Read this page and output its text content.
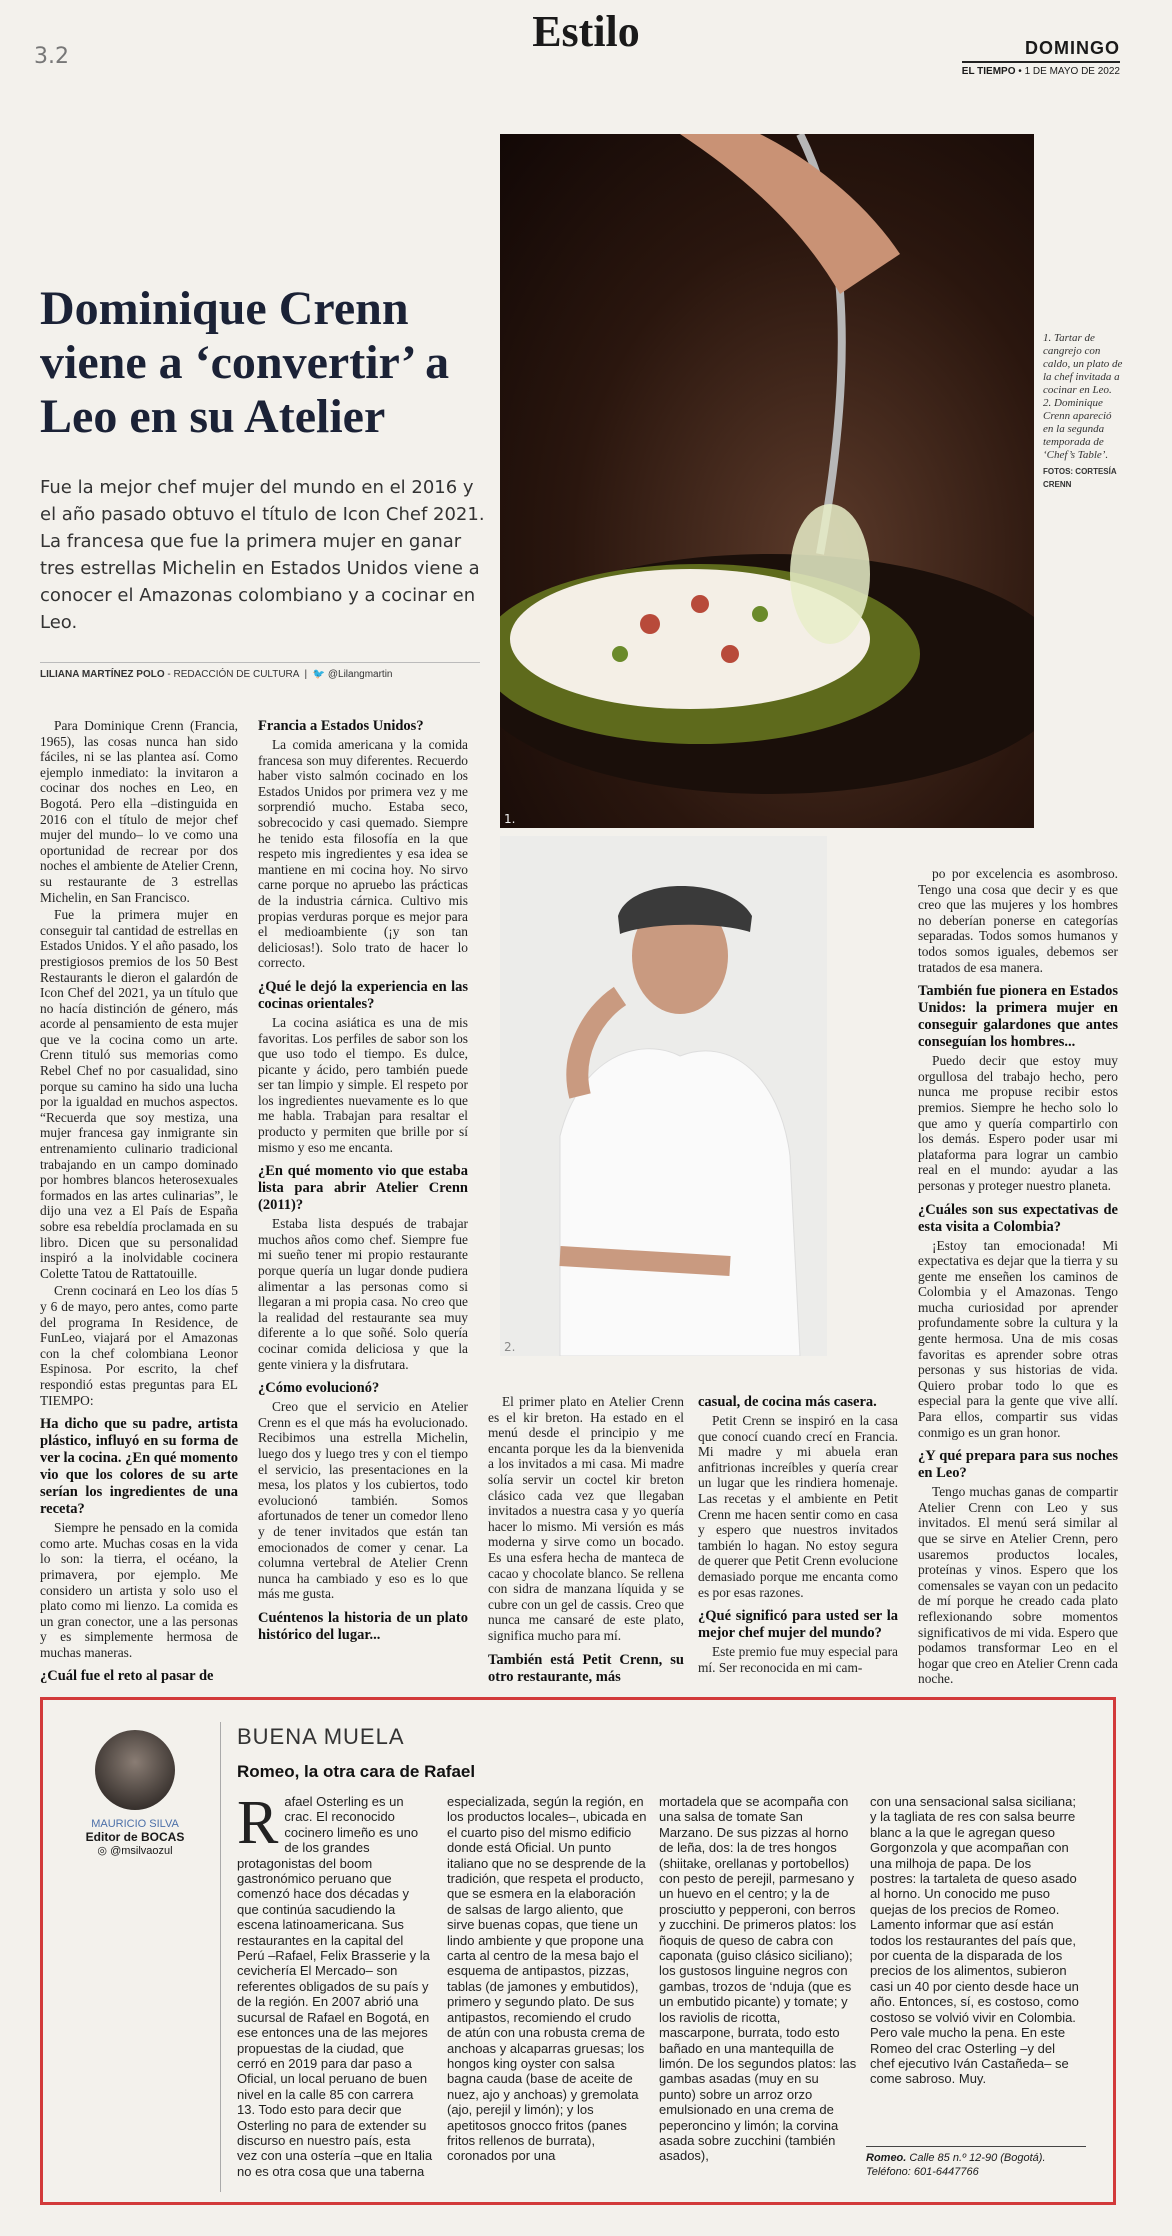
3.2
Estilo	DOMINGO
EL TIEMPO • 1 DE MAYO DE 2022
Dominique Crenn viene a ‘convertir’ a Leo en su Atelier
Fue la mejor chef mujer del mundo en el 2016 y el año pasado obtuvo el título de Icon Chef 2021. La francesa que fue la primera mujer en ganar tres estrellas Michelin en Estados Unidos viene a conocer el Amazonas colombiano y a cocinar en Leo.
LILIANA MARTÍNEZ POLO - REDACCIÓN DE CULTURA  |  🐦 @Lilangmartin
1.
2.
1. Tartar de cangrejo con caldo, un plato de la chef invitada a cocinar en Leo.
2. Dominique Crenn apareció en la segunda temporada de ‘Chef’s Table’.
FOTOS: CORTESÍA CRENN

Para Dominique Crenn (Francia, 1965), las cosas nunca han sido fáciles, ni se las plantea así. Como ejemplo inmediato: la invitaron a cocinar dos noches en Leo, en Bogotá. Pero ella –distinguida en 2016 con el título de mejor chef mujer del mundo– lo ve como una oportunidad de recrear por dos noches el ambiente de Atelier Crenn, su restaurante de 3 estrellas Michelin, en San Francisco.

Fue la primera mujer en conseguir tal cantidad de estrellas en Estados Unidos. Y el año pasado, los prestigiosos premios de los 50 Best Restaurants le dieron el galardón de Icon Chef del 2021, ya un título que no hacía distinción de género, más acorde al pensamiento de esta mujer que ve la cocina como un arte. Crenn tituló sus memorias como Rebel Chef no por casualidad, sino porque su camino ha sido una lucha por la igualdad en muchos aspectos. “Recuerda que soy mestiza, una mujer francesa gay inmigrante sin entrenamiento culinario tradicional trabajando en un campo dominado por hombres blancos heterosexuales formados en las artes culinarias”, le dijo una vez a El País de España sobre esa rebeldía proclamada en su libro. Dicen que su personalidad inspiró a la inolvidable cocinera Colette Tatou de Rattatouille.

Crenn cocinará en Leo los días 5 y 6 de mayo, pero antes, como parte del programa In Residence, de FunLeo, viajará por el Amazonas con la chef colombiana Leonor Espinosa. Por escrito, la chef respondió estas preguntas para EL TIEMPO:

Ha dicho que su padre, artista plástico, influyó en su forma de ver la cocina. ¿En qué momento vio que los colores de su arte serían los ingredientes de una receta?

Siempre he pensado en la comida como arte. Muchas cosas en la vida lo son: la tierra, el océano, la primavera, por ejemplo. Me considero un artista y solo uso el plato como mi lienzo. La comida es un gran conector, une a las personas y es simplemente hermosa de muchas maneras.

¿Cuál fue el reto al pasar de
Francia a Estados Unidos?

La comida americana y la comida francesa son muy diferentes. Recuerdo haber visto salmón cocinado en los Estados Unidos por primera vez y me sorprendió mucho. Estaba seco, sobrecocido y casi quemado. Siempre he tenido esta filosofía en la que respeto mis ingredientes y esa idea se mantiene en mi cocina hoy. No sirvo carne porque no apruebo las prácticas de la industria cárnica. Cultivo mis propias verduras porque es mejor para el medioambiente (¡y son tan deliciosas!). Solo trato de hacer lo correcto.

¿Qué le dejó la experiencia en las cocinas orientales?

La cocina asiática es una de mis favoritas. Los perfiles de sabor son los que uso todo el tiempo. Es dulce, picante y ácido, pero también puede ser tan limpio y simple. El respeto por los ingredientes nuevamente es lo que me habla. Trabajan para resaltar el producto y permiten que brille por sí mismo y eso me encanta.

¿En qué momento vio que estaba lista para abrir Atelier Crenn (2011)?

Estaba lista después de trabajar muchos años como chef. Siempre fue mi sueño tener mi propio restaurante porque quería un lugar donde pudiera alimentar a las personas como si llegaran a mi propia casa. No creo que la realidad del restaurante sea muy diferente a lo que soñé. Solo quería cocinar comida deliciosa y que la gente viniera y la disfrutara.

¿Cómo evolucionó?

Creo que el servicio en Atelier Crenn es el que más ha evolucionado. Recibimos una estrella Michelin, luego dos y luego tres y con el tiempo el servicio, las presentaciones en la mesa, los platos y los cubiertos, todo evolucionó también. Somos afortunados de tener un comedor lleno y de tener invitados que están tan emocionados de comer y cenar. La columna vertebral de Atelier Crenn nunca ha cambiado y eso es lo que más me gusta.

Cuéntenos la historia de un plato histórico del lugar...

El primer plato en Atelier Crenn es el kir breton. Ha estado en el menú desde el principio y me encanta porque les da la bienvenida a los invitados a mi casa. Mi madre solía servir un coctel kir breton clásico cada vez que llegaban invitados a nuestra casa y yo quería hacer lo mismo. Mi versión es más moderna y sirve como un bocado. Es una esfera hecha de manteca de cacao y chocolate blanco. Se rellena con sidra de manzana líquida y se cubre con un gel de cassis. Creo que nunca me cansaré de este plato, significa mucho para mí.

También está Petit Crenn, su otro restaurante, más
casual, de cocina más casera.

Petit Crenn se inspiró en la casa que conocí cuando crecí en Francia. Mi madre y mi abuela eran anfitrionas increíbles y quería crear un lugar que les rindiera homenaje. Las recetas y el ambiente en Petit Crenn me hacen sentir como en casa y espero que nuestros invitados también lo hagan. No estoy segura de querer que Petit Crenn evolucione demasiado porque me encanta como es por esas razones.

¿Qué significó para usted ser la mejor chef mujer del mundo?

Este premio fue muy especial para mí. Ser reconocida en mi cam-

po por excelencia es asombroso. Tengo una cosa que decir y es que creo que las mujeres y los hombres no deberían ponerse en categorías separadas. Todos somos humanos y todos somos iguales, debemos ser tratados de esa manera.

También fue pionera en Estados Unidos: la primera mujer en conseguir galardones que antes conseguían los hombres...

Puedo decir que estoy muy orgullosa del trabajo hecho, pero nunca me propuse recibir estos premios. Siempre he hecho solo lo que amo y quería compartirlo con los demás. Espero poder usar mi plataforma para lograr un cambio real en el mundo: ayudar a las personas y proteger nuestro planeta.

¿Cuáles son sus expectativas de esta visita a Colombia?

¡Estoy tan emocionada! Mi expectativa es dejar que la tierra y su gente me enseñen los caminos de Colombia y el Amazonas. Tengo mucha curiosidad por aprender profundamente sobre la cultura y la gente hermosa. Una de mis cosas favoritas es aprender sobre otras personas y sus historias de vida. Quiero probar todo lo que es especial para la gente que vive allí. Para ellos, compartir sus vidas conmigo es un gran honor.

¿Y qué prepara para sus noches en Leo?

Tengo muchas ganas de compartir Atelier Crenn con Leo y sus invitados. El menú será similar al que se sirve en Atelier Crenn, pero usaremos productos locales, proteínas y vinos. Espero que los comensales se vayan con un pedacito de mí porque he creado cada plato reflexionando sobre momentos significativos de mi vida. Espero que podamos transformar Leo en el hogar que creo en Atelier Crenn cada noche.

MAURICIO SILVA
Editor de BOCAS
◎ @msilvaozul
BUENA MUELA
Romeo, la otra cara de Rafael
Rafael Osterling es un crac. El reconocido cocinero limeño es uno de los grandes protagonistas del boom gastronómico peruano que comenzó hace dos décadas y que continúa sacudiendo la escena latinoamericana. Sus restaurantes en la capital del Perú –Rafael, Felix Brasserie y la cevichería El Mercado– son referentes obligados de su país y de la región. En 2007 abrió una sucursal de Rafael en Bogotá, en ese entonces una de las mejores propuestas de la ciudad, que cerró en 2019 para dar paso a Oficial, un local peruano de buen nivel en la calle 85 con carrera 13. Todo esto para decir que Osterling no para de extender su discurso en nuestro país, esta vez con una ostería –que en Italia no es otra cosa que una taberna
especializada, según la región, en los productos locales–, ubicada en el cuarto piso del mismo edificio donde está Oficial. Un punto italiano que no se desprende de la tradición, que respeta el producto, que se esmera en la elaboración de salsas de largo aliento, que sirve buenas copas, que tiene un lindo ambiente y que propone una carta al centro de la mesa bajo el esquema de antipastos, pizzas, tablas (de jamones y embutidos), primero y segundo plato. De sus antipastos, recomiendo el crudo de atún con una robusta crema de anchoas y alcaparras gruesas; los hongos king oyster con salsa bagna cauda (base de aceite de nuez, ajo y anchoas) y gremolata (ajo, perejil y limón); y los apetitosos gnocco fritos (panes fritos rellenos de burrata), coronados por una
mortadela que se acompaña con una salsa de tomate San Marzano. De sus pizzas al horno de leña, dos: la de tres hongos (shiitake, orellanas y portobellos) con pesto de perejil, parmesano y un huevo en el centro; y la de prosciutto y pepperoni, con berros y zucchini. De primeros platos: los ñoquis de queso de cabra con caponata (guiso clásico siciliano); los gustosos linguine negros con gambas, trozos de ‘nduja (que es un embutido picante) y tomate; y los raviolis de ricotta, mascarpone, burrata, todo esto bañado en una mantequilla de limón. De los segundos platos: las gambas asadas (muy en su punto) sobre un arroz orzo emulsionado en una crema de peperoncino y limón; la corvina asada sobre zucchini (también asados),
con una sensacional salsa siciliana; y la tagliata de res con salsa beurre blanc a la que le agregan queso Gorgonzola y que acompañan con una milhoja de papa. De los postres: la tartaleta de queso asado al horno. Un conocido me puso quejas de los precios de Romeo. Lamento informar que así están todos los restaurantes del país que, por cuenta de la disparada de los precios de los alimentos, subieron casi un 40 por ciento desde hace un año. Entonces, sí, es costoso, como costoso se volvió vivir en Colombia. Pero vale mucho la pena. En este Romeo del crac Osterling –y del chef ejecutivo Iván Castañeda– se come sabroso. Muy.
Romeo. Calle 85 n.º 12-90 (Bogotá).
Teléfono: 601-6447766
